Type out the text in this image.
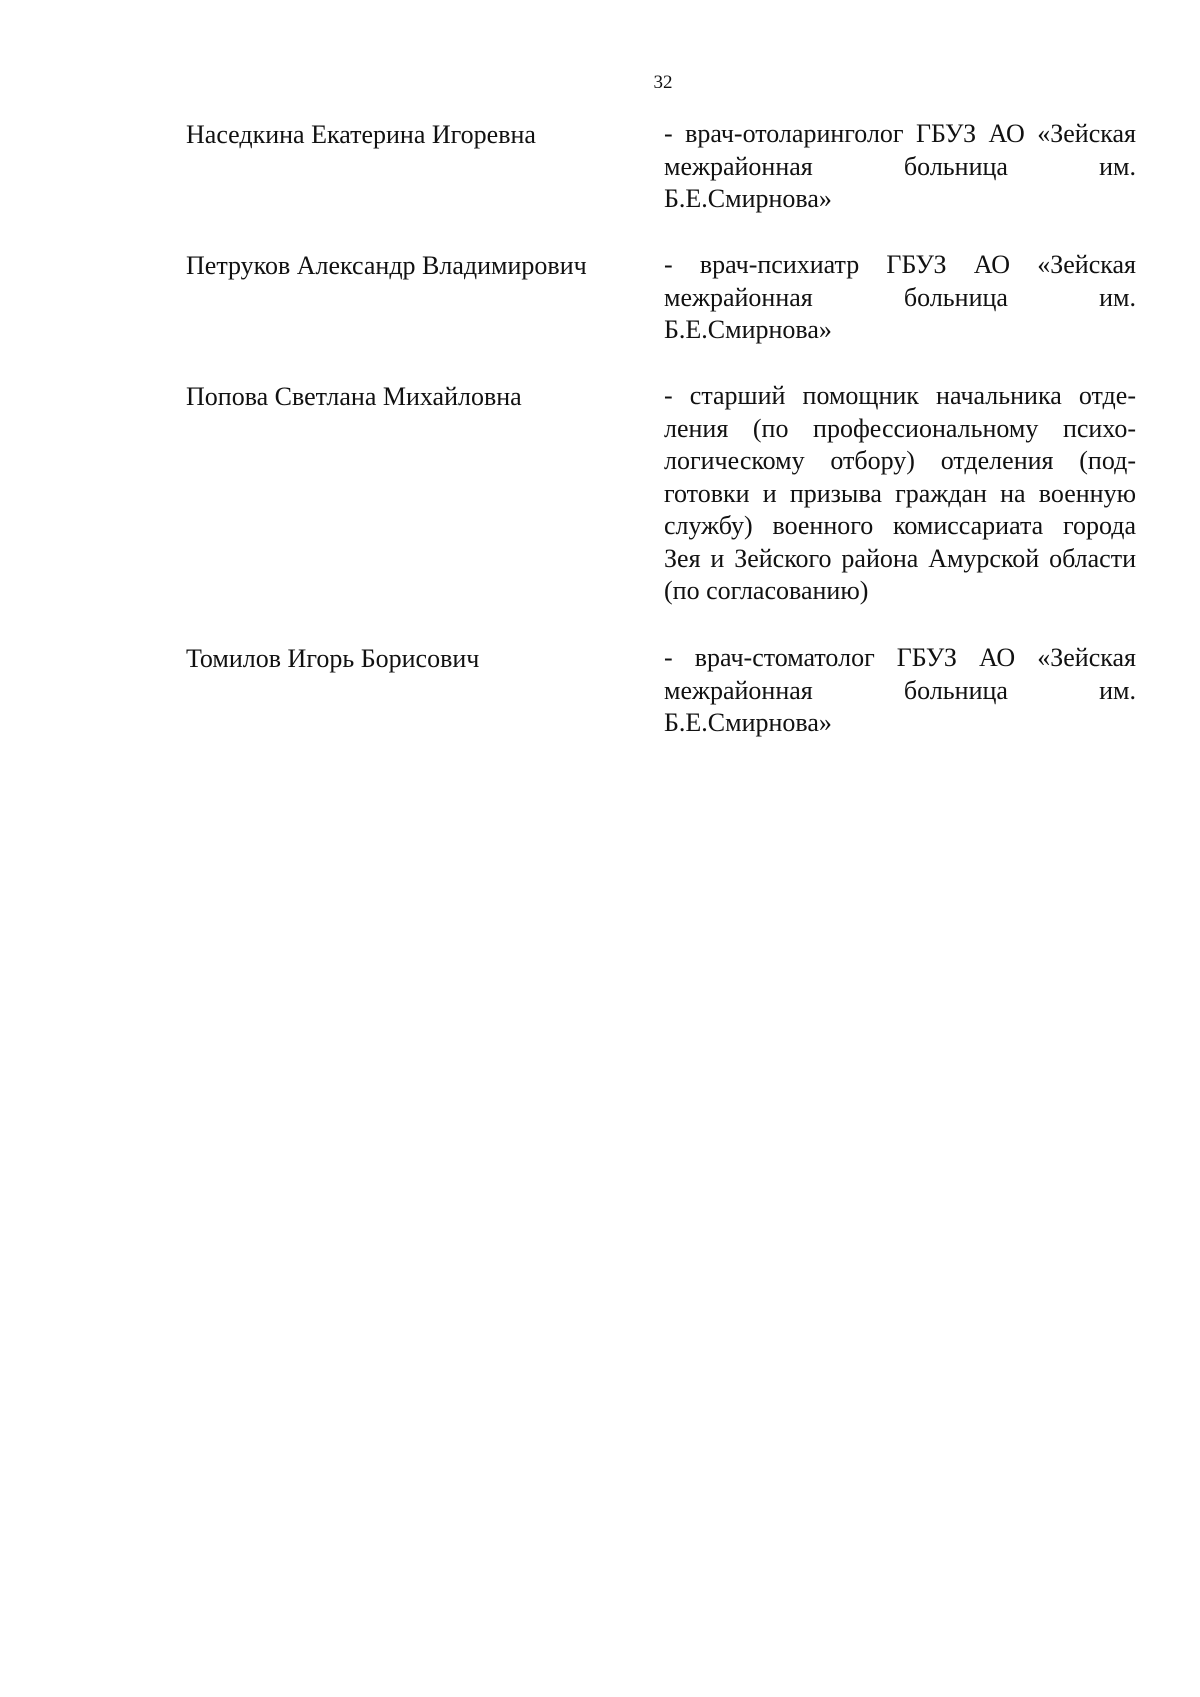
32
Наседкина Екатерина Игоревна	- врач-отоларинголог ГБУЗ АО «Зейская межрайонная больница им. Б.Е.Смирнова»
Петруков Александр Владимирович	- врач-психиатр ГБУЗ АО «Зейская межрайонная больница им. Б.Е.Смирнова»
Попова Светлана Михайловна	- старший помощник начальника отделения (по профессиональному психологическому отбору) отделения (подготовки и призыва граждан на военную службу) военного комиссариата города Зея и Зейского района Амурской области (по согласованию)
Томилов Игорь Борисович	- врач-стоматолог ГБУЗ АО «Зейская межрайонная больница им. Б.Е.Смирнова»
